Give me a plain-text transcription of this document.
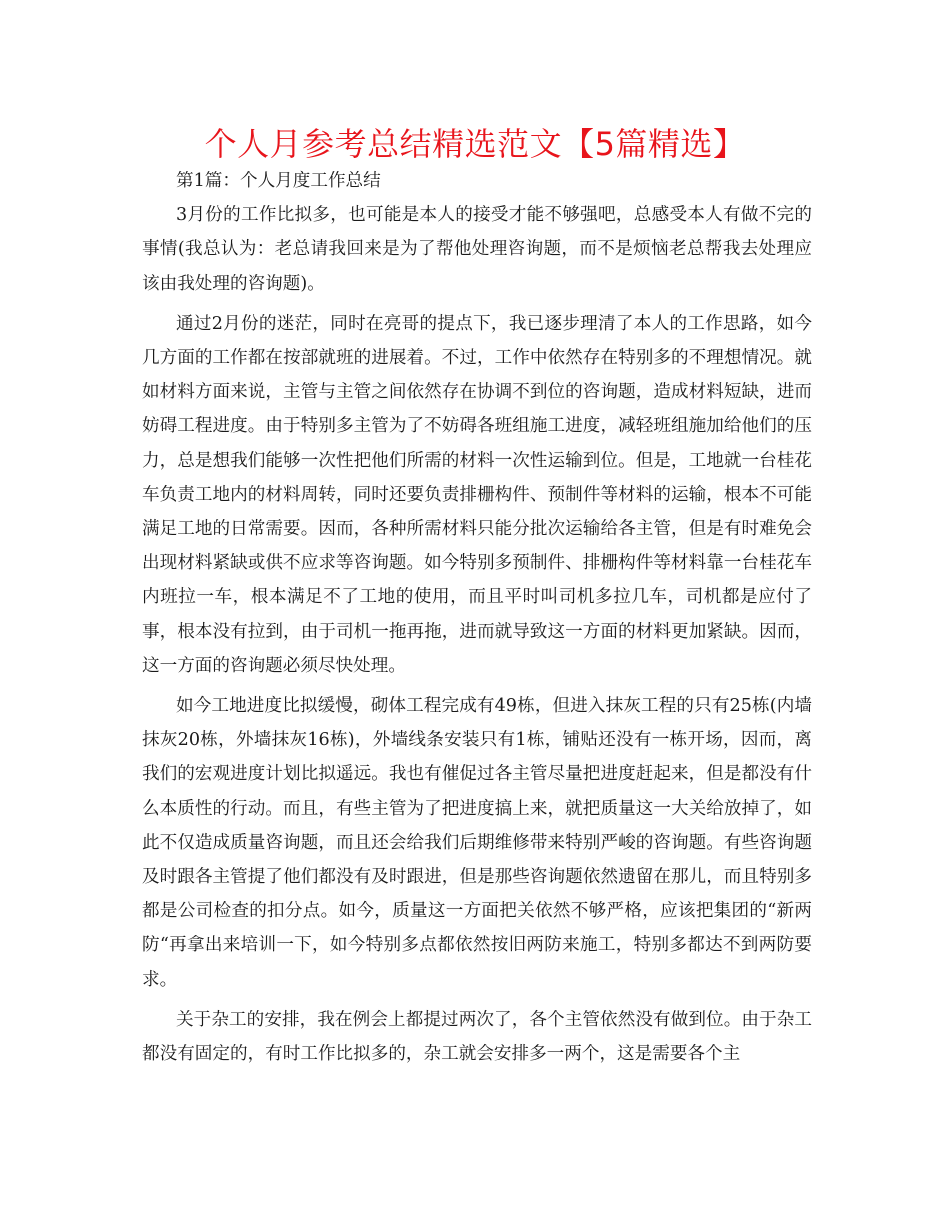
个人月参考总结精选范文【5篇精选】

第1篇：个人月度工作总结

3月份的工作比拟多，也可能是本人的接受才能不够强吧，总感受本人有做不完的事情(我总认为：老总请我回来是为了帮他处理咨询题，而不是烦恼老总帮我去处理应该由我处理的咨询题)。

通过2月份的迷茫，同时在亮哥的提点下，我已逐步理清了本人的工作思路，如今几方面的工作都在按部就班的进展着。不过，工作中依然存在特别多的不理想情况。就如材料方面来说，主管与主管之间依然存在协调不到位的咨询题，造成材料短缺，进而妨碍工程进度。由于特别多主管为了不妨碍各班组施工进度，减轻班组施加给他们的压力，总是想我们能够一次性把他们所需的材料一次性运输到位。但是，工地就一台桂花车负责工地内的材料周转，同时还要负责排栅构件、预制件等材料的运输，根本不可能满足工地的日常需要。因而，各种所需材料只能分批次运输给各主管，但是有时难免会出现材料紧缺或供不应求等咨询题。如今特别多预制件、排栅构件等材料靠一台桂花车内班拉一车，根本满足不了工地的使用，而且平时叫司机多拉几车，司机都是应付了事，根本没有拉到，由于司机一拖再拖，进而就导致这一方面的材料更加紧缺。因而，这一方面的咨询题必须尽快处理。

如今工地进度比拟缓慢，砌体工程完成有49栋，但进入抹灰工程的只有25栋(内墙抹灰20栋，外墙抹灰16栋)，外墙线条安装只有1栋，铺贴还没有一栋开场，因而，离我们的宏观进度计划比拟遥远。我也有催促过各主管尽量把进度赶起来，但是都没有什么本质性的行动。而且，有些主管为了把进度搞上来，就把质量这一大关给放掉了，如此不仅造成质量咨询题，而且还会给我们后期维修带来特别严峻的咨询题。有些咨询题及时跟各主管提了他们都没有及时跟进，但是那些咨询题依然遗留在那儿，而且特别多都是公司检查的扣分点。如今，质量这一方面把关依然不够严格，应该把集团的“新两防“再拿出来培训一下，如今特别多点都依然按旧两防来施工，特别多都达不到两防要求。

关于杂工的安排，我在例会上都提过两次了，各个主管依然没有做到位。由于杂工都没有固定的，有时工作比拟多的，杂工就会安排多一两个，这是需要各个主
